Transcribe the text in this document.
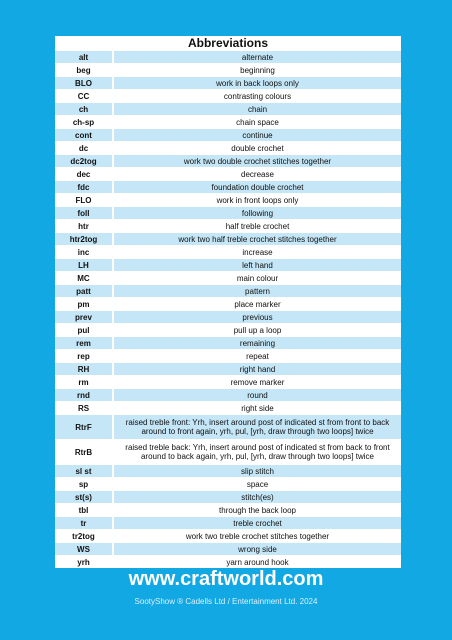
Abbreviations
alt	alternate
beg	beginning
BLO	work in back loops only
CC	contrasting colours
ch	chain
ch-sp	chain space
cont	continue
dc	double crochet
dc2tog	work two double crochet stitches together
dec	decrease
fdc	foundation double crochet
FLO	work in front loops only
foll	following
htr	half treble crochet
htr2tog	work two half treble crochet stitches together
inc	increase
LH	left hand
MC	main colour
patt	pattern
pm	place marker
prev	previous
pul	pull up a loop
rem	remaining
rep	repeat
RH	right hand
rm	remove marker
rnd	round
RS	right side
RtrF	raised treble front: Yrh, insert around post of indicated st from front to back around to front again, yrh, pul, [yrh, draw through two loops] twice
RtrB	raised treble back: Yrh, insert around post of indicated st from back to front around to back again, yrh, pul, [yrh, draw through two loops] twice
sl st	slip stitch
sp	space
st(s)	stitch(es)
tbl	through the back loop
tr	treble crochet
tr2tog	work two treble crochet stitches together
WS	wrong side
yrh	yarn around hook
www.craftworld.com
SootyShow ® Cadells Ltd / Entertainment Ltd. 2024
